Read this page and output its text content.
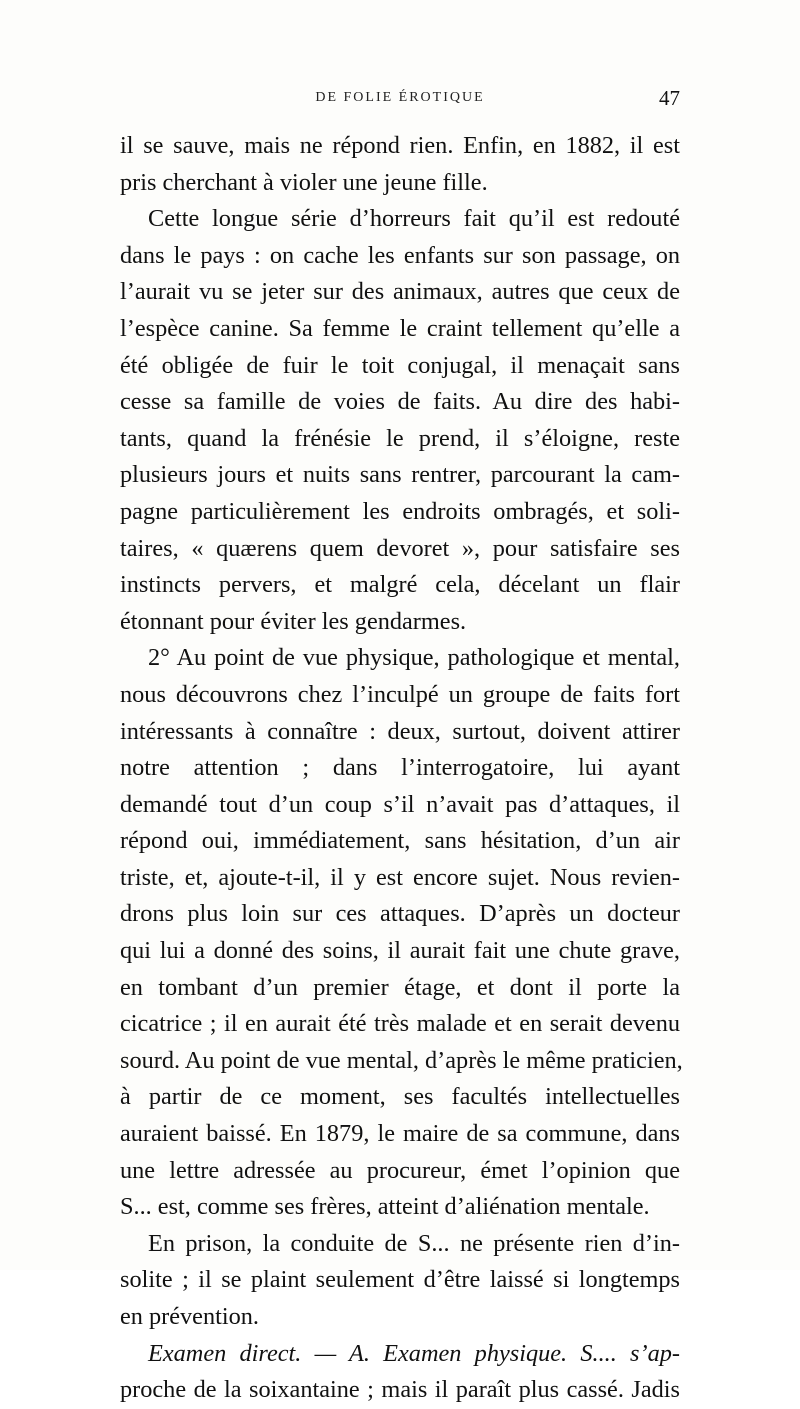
DE FOLIE ÉROTIQUE	47
il se sauve, mais ne répond rien. Enfin, en 1882, il est
pris cherchant à violer une jeune fille.
Cette longue série d’horreurs fait qu’il est redouté
dans le pays : on cache les enfants sur son passage, on
l’aurait vu se jeter sur des animaux, autres que ceux de
l’espèce canine. Sa femme le craint tellement qu’elle a
été obligée de fuir le toit conjugal, il menaçait sans
cesse sa famille de voies de faits. Au dire des habi-
tants, quand la frénésie le prend, il s’éloigne, reste
plusieurs jours et nuits sans rentrer, parcourant la cam-
pagne particulièrement les endroits ombragés, et soli-
taires, « quærens quem devoret », pour satisfaire ses
instincts pervers, et malgré cela, décelant un flair
étonnant pour éviter les gendarmes.
2° Au point de vue physique, pathologique et mental,
nous découvrons chez l’inculpé un groupe de faits fort
intéressants à connaître : deux, surtout, doivent attirer
notre attention ; dans l’interrogatoire, lui ayant
demandé tout d’un coup s’il n’avait pas d’attaques, il
répond oui, immédiatement, sans hésitation, d’un air
triste, et, ajoute-t-il, il y est encore sujet. Nous revien-
drons plus loin sur ces attaques. D’après un docteur
qui lui a donné des soins, il aurait fait une chute grave,
en tombant d’un premier étage, et dont il porte la
cicatrice ; il en aurait été très malade et en serait devenu
sourd. Au point de vue mental, d’après le même praticien,
à partir de ce moment, ses facultés intellectuelles
auraient baissé. En 1879, le maire de sa commune, dans
une lettre adressée au procureur, émet l’opinion que
S... est, comme ses frères, atteint d’aliénation mentale.
En prison, la conduite de S... ne présente rien d’in-
solite ; il se plaint seulement d’être laissé si longtemps
en prévention.
Examen direct. — A. Examen physique. S.... s’ap-
proche de la soixantaine ; mais il paraît plus cassé. Jadis
